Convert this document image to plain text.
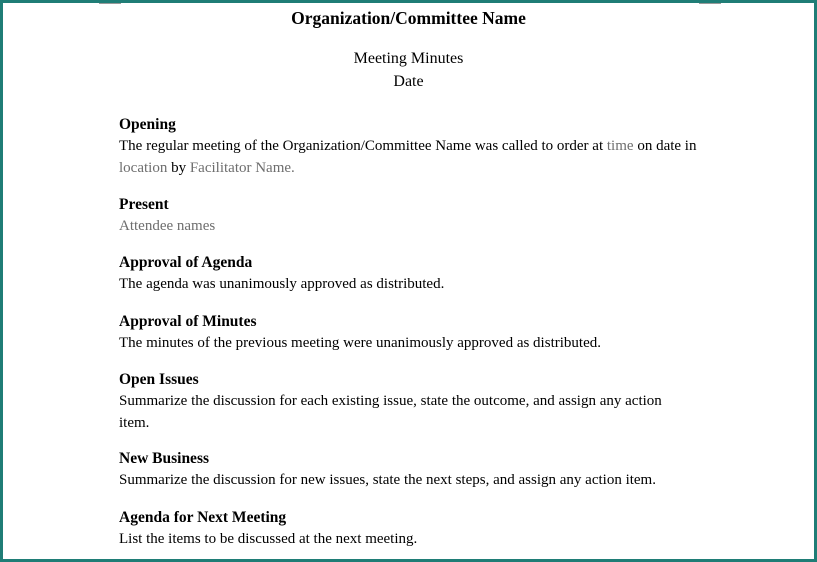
Organization/Committee Name
Meeting Minutes
Date
Opening
The regular meeting of the Organization/Committee Name was called to order at time on date in location by Facilitator Name.
Present
Attendee names
Approval of Agenda
The agenda was unanimously approved as distributed.
Approval of Minutes
The minutes of the previous meeting were unanimously approved as distributed.
Open Issues
Summarize the discussion for each existing issue, state the outcome, and assign any action item.
New Business
Summarize the discussion for new issues, state the next steps, and assign any action item.
Agenda for Next Meeting
List the items to be discussed at the next meeting.
